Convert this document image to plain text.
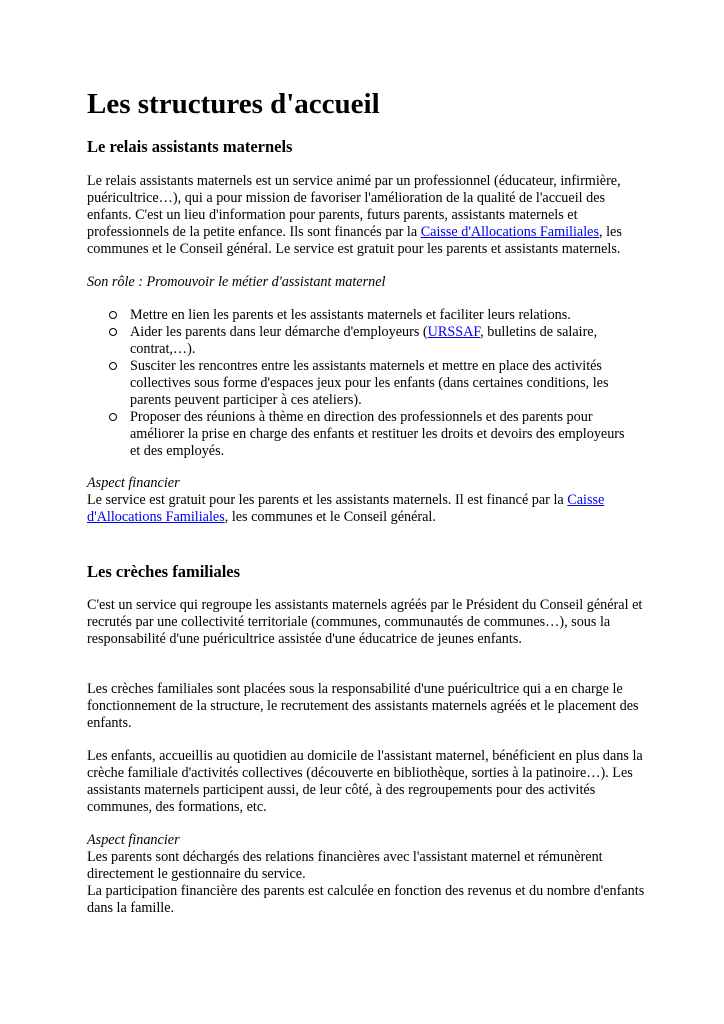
Les structures d'accueil
Le relais assistants maternels

Le relais assistants maternels est un service animé par un professionnel (éducateur, infirmière, puéricultrice…), qui a pour mission de favoriser l'amélioration de la qualité de l'accueil des enfants. C'est un lieu d'information pour parents, futurs parents, assistants maternels et professionnels de la petite enfance. Ils sont financés par la Caisse d'Allocations Familiales, les communes et le Conseil général. Le service est gratuit pour les parents et assistants maternels.

Son rôle : Promouvoir le métier d'assistant maternel

Mettre en lien les parents et les assistants maternels et faciliter leurs relations.
Aider les parents dans leur démarche d'employeurs (URSSAF, bulletins de salaire, contrat,…).
Susciter les rencontres entre les assistants maternels et mettre en place des activités collectives sous forme d'espaces jeux pour les enfants (dans certaines conditions, les parents peuvent participer à ces ateliers).
Proposer des réunions à thème en direction des professionnels et des parents pour améliorer la prise en charge des enfants et restituer les droits et devoirs des employeurs et des employés.

Aspect financier

Le service est gratuit pour les parents et les assistants maternels. Il est financé par la Caisse d'Allocations Familiales, les communes et le Conseil général.

Les crèches familiales

C'est un service qui regroupe les assistants maternels agréés par le Président du Conseil général et recrutés par une collectivité territoriale (communes, communautés de communes…), sous la responsabilité d'une puéricultrice assistée d'une éducatrice de jeunes enfants.

Les crèches familiales sont placées sous la responsabilité d'une puéricultrice qui a en charge le fonctionnement de la structure, le recrutement des assistants maternels agréés et le placement des enfants.

Les enfants, accueillis au quotidien au domicile de l'assistant maternel, bénéficient en plus dans la crèche familiale d'activités collectives (découverte en bibliothèque, sorties à la patinoire…). Les assistants maternels participent aussi, de leur côté, à des regroupements pour des activités communes, des formations, etc.

Aspect financier

Les parents sont déchargés des relations financières avec l'assistant maternel et rémunèrent directement le gestionnaire du service.

La participation financière des parents est calculée en fonction des revenus et du nombre d'enfants dans la famille.
